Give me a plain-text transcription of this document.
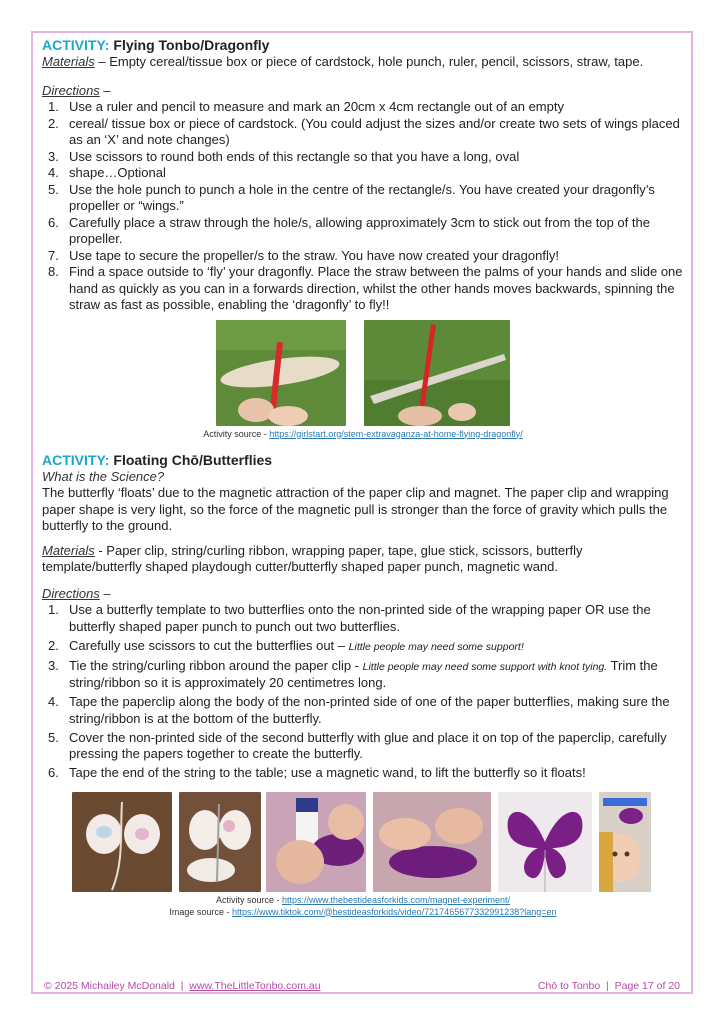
ACTIVITY: Flying Tonbo/Dragonfly

Materials – Empty cereal/tissue box or piece of cardstock, hole punch, ruler, pencil, scissors, straw, tape.

Directions –

1. Use a ruler and pencil to measure and mark an 20cm x 4cm rectangle out of an empty
2. cereal/ tissue box or piece of cardstock. (You could adjust the sizes and/or create two sets of wings placed as an ‘X’ and note changes)
3. Use scissors to round both ends of this rectangle so that you have a long, oval
4. shape…Optional
5. Use the hole punch to punch a hole in the centre of the rectangle/s. You have created your dragonfly’s propeller or “wings.”
6. Carefully place a straw through the hole/s, allowing approximately 3cm to stick out from the top of the propeller.
7. Use tape to secure the propeller/s to the straw. You have now created your dragonfly!
8. Find a space outside to ‘fly’ your dragonfly. Place the straw between the palms of your hands and slide one hand as quickly as you can in a forwards direction, whilst the other hands moves backwards, spinning the straw as fast as possible, enabling the ‘dragonfly’ to fly!!

Activity source - https://girlstart.org/stem-extravaganza-at-home-flying-dragonfly/

ACTIVITY: Floating Chō/Butterflies

What is the Science?

The butterfly ‘floats’ due to the magnetic attraction of the paper clip and magnet. The paper clip and wrapping paper shape is very light, so the force of the magnetic pull is stronger than the force of gravity which pulls the butterfly to the ground.

Materials - Paper clip, string/curling ribbon, wrapping paper, tape, glue stick, scissors, butterfly template/butterfly shaped playdough cutter/butterfly shaped paper punch, magnetic wand.

Directions –

1. Use a butterfly template to two butterflies onto the non-printed side of the wrapping paper OR use the butterfly shaped paper punch to punch out two butterflies.
2. Carefully use scissors to cut the butterflies out – Little people may need some support!
3. Tie the string/curling ribbon around the paper clip - Little people may need some support with knot tying. Trim the string/ribbon so it is approximately 20 centimetres long.
4. Tape the paperclip along the body of the non-printed side of one of the paper butterflies, making sure the string/ribbon is at the bottom of the butterfly.
5. Cover the non-printed side of the second butterfly with glue and place it on top of the paperclip, carefully pressing the papers together to create the butterfly.
6. Tape the end of the string to the table; use a magnetic wand, to lift the butterfly so it floats!

Activity source - https://www.thebestideasforkids.com/magnet-experiment/

Image source - https://www.tiktok.com/@bestideasforkids/video/7217465677332991238?lang=en

© 2025 Michailey McDonald  |  www.TheLittleTonbo.com.au	Chō to Tonbo  |  Page 17 of 20
